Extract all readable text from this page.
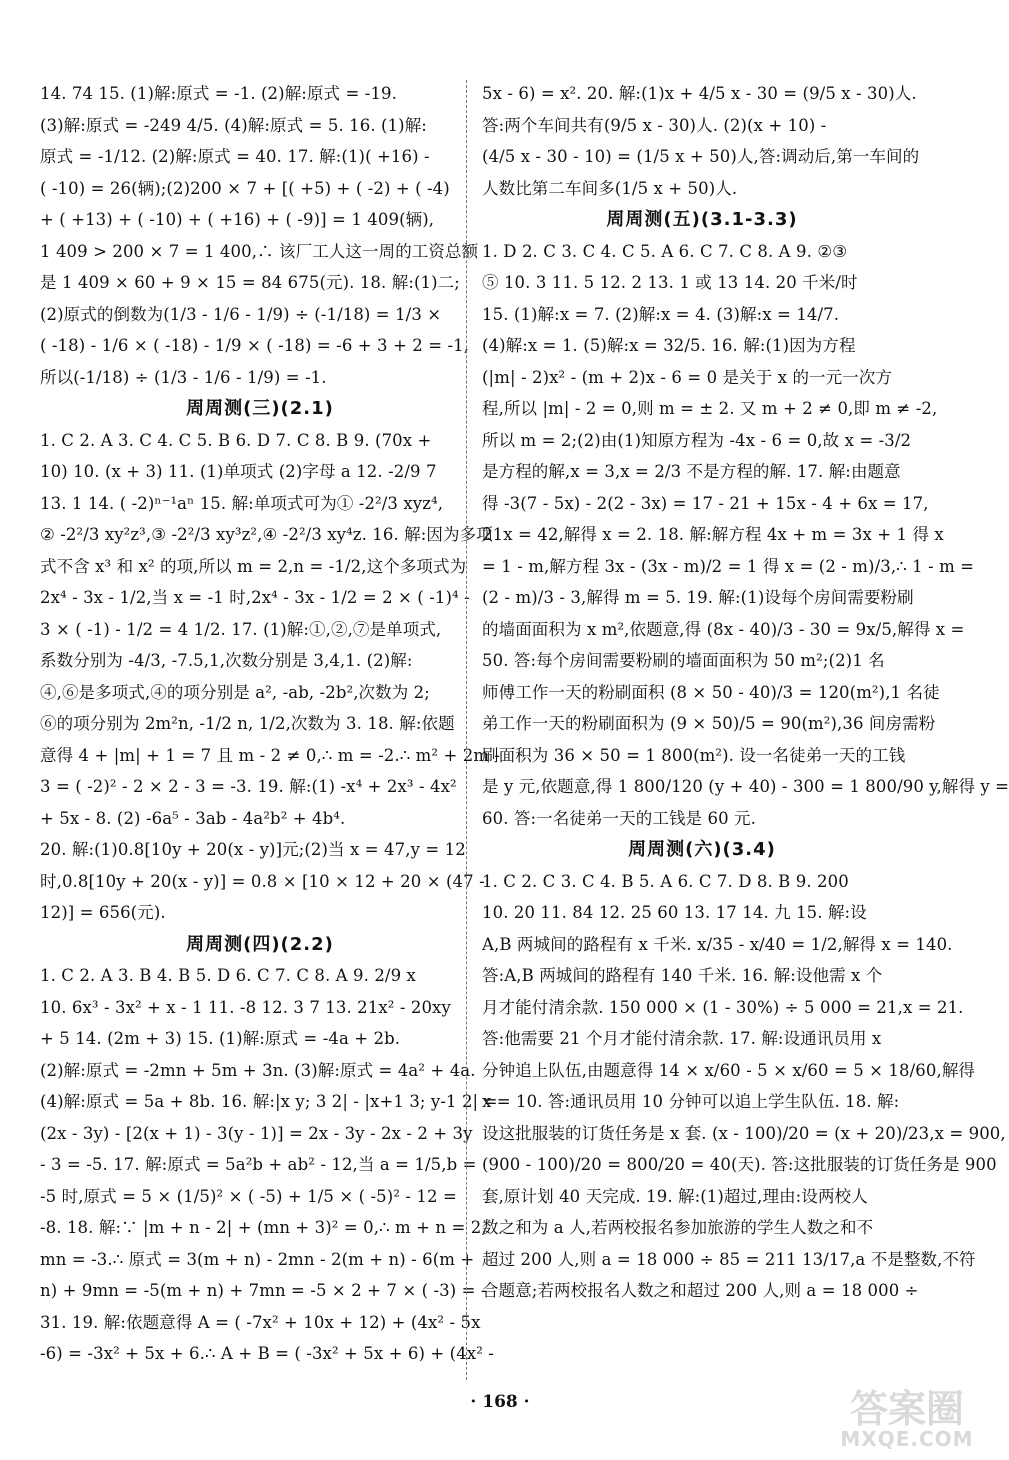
14. 74 15. (1)解:原式 = -1. (2)解:原式 = -19.
(3)解:原式 = -249 4/5. (4)解:原式 = 5. 16. (1)解:
原式 = -1/12. (2)解:原式 = 40. 17. 解:(1)( +16) -
( -10) = 26(辆);(2)200 × 7 + [( +5) + ( -2) + ( -4)
+ ( +13) + ( -10) + ( +16) + ( -9)] = 1 409(辆),
1 409 > 200 × 7 = 1 400,∴ 该厂工人这一周的工资总额
是 1 409 × 60 + 9 × 15 = 84 675(元). 18. 解:(1)二;
(2)原式的倒数为(1/3 - 1/6 - 1/9) ÷ (-1/18) = 1/3 ×
( -18) - 1/6 × ( -18) - 1/9 × ( -18) = -6 + 3 + 2 = -1,
所以(-1/18) ÷ (1/3 - 1/6 - 1/9) = -1.
周周测(三)(2.1)
1. C 2. A 3. C 4. C 5. B 6. D 7. C 8. B 9. (70x +
10) 10. (x + 3) 11. (1)单项式 (2)字母 a 12. -2/9 7
13. 1 14. ( -2)ⁿ⁻¹aⁿ 15. 解:单项式可为① -2²/3 xyz⁴,
② -2²/3 xy²z³,③ -2²/3 xy³z²,④ -2²/3 xy⁴z. 16. 解:因为多项
式不含 x³ 和 x² 的项,所以 m = 2,n = -1/2,这个多项式为
2x⁴ - 3x - 1/2,当 x = -1 时,2x⁴ - 3x - 1/2 = 2 × ( -1)⁴ -
3 × ( -1) - 1/2 = 4 1/2. 17. (1)解:①,②,⑦是单项式,
系数分别为 -4/3, -7.5,1,次数分别是 3,4,1. (2)解:
④,⑥是多项式,④的项分别是 a², -ab, -2b²,次数为 2;
⑥的项分别为 2m²n, -1/2 n, 1/2,次数为 3. 18. 解:依题
意得 4 + |m| + 1 = 7 且 m - 2 ≠ 0,∴ m = -2.∴ m² + 2m -
3 = ( -2)² - 2 × 2 - 3 = -3. 19. 解:(1) -x⁴ + 2x³ - 4x²
+ 5x - 8. (2) -6a⁵ - 3ab - 4a²b² + 4b⁴.
20. 解:(1)0.8[10y + 20(x - y)]元;(2)当 x = 47,y = 12
时,0.8[10y + 20(x - y)] = 0.8 × [10 × 12 + 20 × (47 -
12)] = 656(元).
周周测(四)(2.2)
1. C 2. A 3. B 4. B 5. D 6. C 7. C 8. A 9. 2/9 x
10. 6x³ - 3x² + x - 1 11. -8 12. 3 7 13. 21x² - 20xy
+ 5 14. (2m + 3) 15. (1)解:原式 = -4a + 2b.
(2)解:原式 = -2mn + 5m + 3n. (3)解:原式 = 4a² + 4a.
(4)解:原式 = 5a + 8b. 16. 解:|x y; 3 2| - |x+1 3; y-1 2| =
(2x - 3y) - [2(x + 1) - 3(y - 1)] = 2x - 3y - 2x - 2 + 3y
- 3 = -5. 17. 解:原式 = 5a²b + ab² - 12,当 a = 1/5,b =
-5 时,原式 = 5 × (1/5)² × ( -5) + 1/5 × ( -5)² - 12 =
-8. 18. 解:∵ |m + n - 2| + (mn + 3)² = 0,∴ m + n = 2,
mn = -3.∴ 原式 = 3(m + n) - 2mn - 2(m + n) - 6(m +
n) + 9mn = -5(m + n) + 7mn = -5 × 2 + 7 × ( -3) = -
31. 19. 解:依题意得 A = ( -7x² + 10x + 12) + (4x² - 5x
-6) = -3x² + 5x + 6.∴ A + B = ( -3x² + 5x + 6) + (4x² -
5x - 6) = x². 20. 解:(1)x + 4/5 x - 30 = (9/5 x - 30)人.
答:两个车间共有(9/5 x - 30)人. (2)(x + 10) -
(4/5 x - 30 - 10) = (1/5 x + 50)人,答:调动后,第一车间的
人数比第二车间多(1/5 x + 50)人.
周周测(五)(3.1-3.3)
1. D 2. C 3. C 4. C 5. A 6. C 7. C 8. A 9. ②③
⑤ 10. 3 11. 5 12. 2 13. 1 或 13 14. 20 千米/时
15. (1)解:x = 7. (2)解:x = 4. (3)解:x = 14/7.
(4)解:x = 1. (5)解:x = 32/5. 16. 解:(1)因为方程
(|m| - 2)x² - (m + 2)x - 6 = 0 是关于 x 的一元一次方
程,所以 |m| - 2 = 0,则 m = ± 2. 又 m + 2 ≠ 0,即 m ≠ -2,
所以 m = 2;(2)由(1)知原方程为 -4x - 6 = 0,故 x = -3/2
是方程的解,x = 3,x = 2/3 不是方程的解. 17. 解:由题意
得 -3(7 - 5x) - 2(2 - 3x) = 17 - 21 + 15x - 4 + 6x = 17,
21x = 42,解得 x = 2. 18. 解:解方程 4x + m = 3x + 1 得 x
= 1 - m,解方程 3x - (3x - m)/2 = 1 得 x = (2 - m)/3,∴ 1 - m =
(2 - m)/3 - 3,解得 m = 5. 19. 解:(1)设每个房间需要粉刷
的墙面面积为 x m²,依题意,得 (8x - 40)/3 - 30 = 9x/5,解得 x =
50. 答:每个房间需要粉刷的墙面面积为 50 m²;(2)1 名
师傅工作一天的粉刷面积 (8 × 50 - 40)/3 = 120(m²),1 名徒
弟工作一天的粉刷面积为 (9 × 50)/5 = 90(m²),36 间房需粉
刷面积为 36 × 50 = 1 800(m²). 设一名徒弟一天的工钱
是 y 元,依题意,得 1 800/120 (y + 40) - 300 = 1 800/90 y,解得 y =
60. 答:一名徒弟一天的工钱是 60 元.
周周测(六)(3.4)
1. C 2. C 3. C 4. B 5. A 6. C 7. D 8. B 9. 200
10. 20 11. 84 12. 25 60 13. 17 14. 九 15. 解:设
A,B 两城间的路程有 x 千米. x/35 - x/40 = 1/2,解得 x = 140.
答:A,B 两城间的路程有 140 千米. 16. 解:设他需 x 个
月才能付清余款. 150 000 × (1 - 30%) ÷ 5 000 = 21,x = 21.
答:他需要 21 个月才能付清余款. 17. 解:设通讯员用 x
分钟追上队伍,由题意得 14 × x/60 - 5 × x/60 = 5 × 18/60,解得
x = 10. 答:通讯员用 10 分钟可以追上学生队伍. 18. 解:
设这批服装的订货任务是 x 套. (x - 100)/20 = (x + 20)/23,x = 900,
(900 - 100)/20 = 800/20 = 40(天). 答:这批服装的订货任务是 900
套,原计划 40 天完成. 19. 解:(1)超过,理由:设两校人
数之和为 a 人,若两校报名参加旅游的学生人数之和不
超过 200 人,则 a = 18 000 ÷ 85 = 211 13/17,a 不是整数,不符
合题意;若两校报名人数之和超过 200 人,则 a = 18 000 ÷
· 168 ·	答案圈
MXQE.COM
